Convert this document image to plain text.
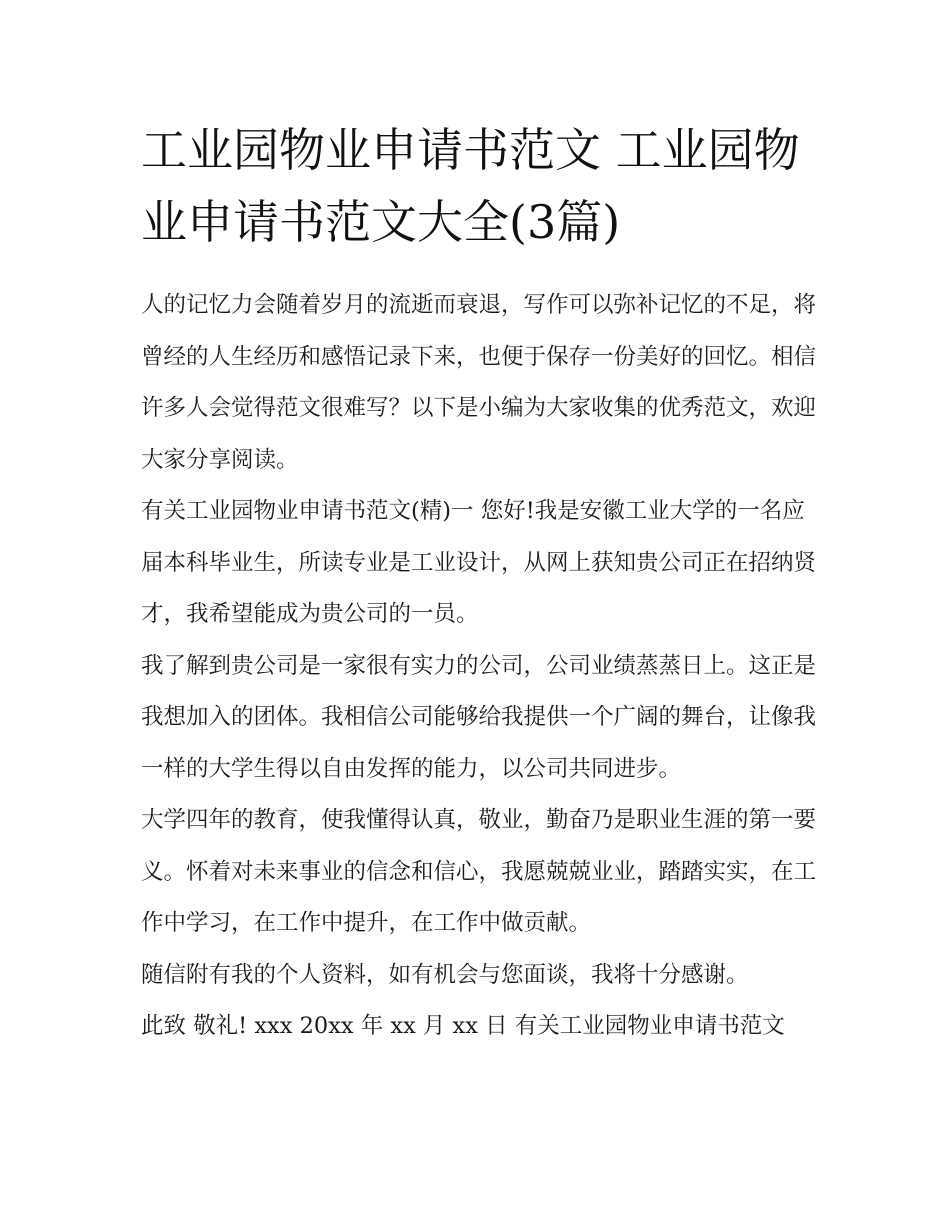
工业园物业申请书范文 工业园物业申请书范文大全(3篇)

人的记忆力会随着岁月的流逝而衰退，写作可以弥补记忆的不足，将曾经的人生经历和感悟记录下来，也便于保存一份美好的回忆。相信许多人会觉得范文很难写？以下是小编为大家收集的优秀范文，欢迎大家分享阅读。

有关工业园物业申请书范文(精)一 您好!我是安徽工业大学的一名应届本科毕业生，所读专业是工业设计，从网上获知贵公司正在招纳贤才，我希望能成为贵公司的一员。

我了解到贵公司是一家很有实力的公司，公司业绩蒸蒸日上。这正是我想加入的团体。我相信公司能够给我提供一个广阔的舞台，让像我一样的大学生得以自由发挥的能力，以公司共同进步。

大学四年的教育，使我懂得认真，敬业，勤奋乃是职业生涯的第一要义。怀着对未来事业的信念和信心，我愿兢兢业业，踏踏实实，在工作中学习，在工作中提升，在工作中做贡献。

随信附有我的个人资料，如有机会与您面谈，我将十分感谢。

此致 敬礼! xxx 20xx 年 xx 月 xx 日 有关工业园物业申请书范文
